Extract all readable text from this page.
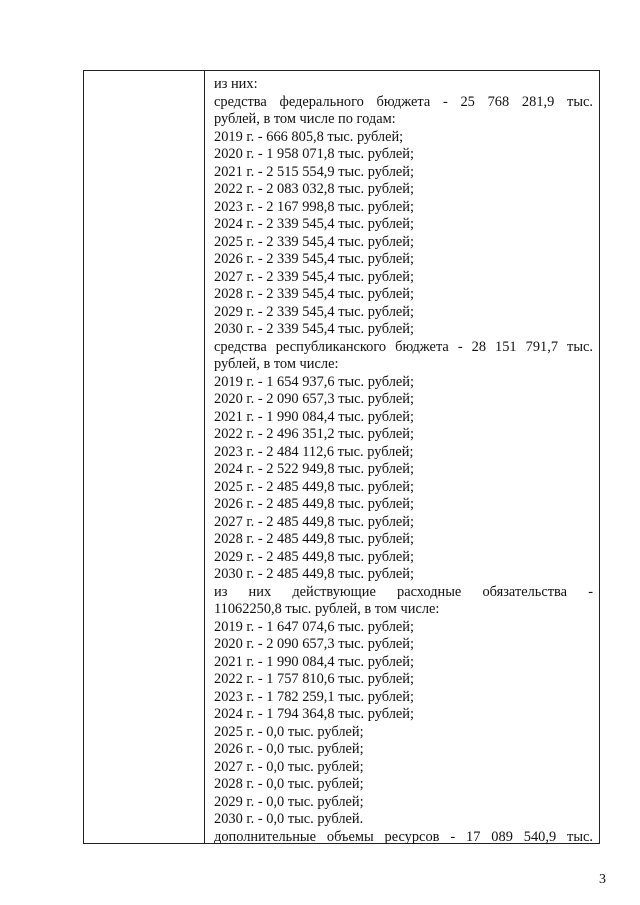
из них:
средства федерального бюджета - 25 768 281,9 тыс.
рублей, в том числе по годам:
2019 г. - 666 805,8 тыс. рублей;
2020 г. - 1 958 071,8 тыс. рублей;
2021 г. - 2 515 554,9 тыс. рублей;
2022 г. - 2 083 032,8 тыс. рублей;
2023 г. - 2 167 998,8 тыс. рублей;
2024 г. - 2 339 545,4 тыс. рублей;
2025 г. - 2 339 545,4 тыс. рублей;
2026 г. - 2 339 545,4 тыс. рублей;
2027 г. - 2 339 545,4 тыс. рублей;
2028 г. - 2 339 545,4 тыс. рублей;
2029 г. - 2 339 545,4 тыс. рублей;
2030 г. - 2 339 545,4 тыс. рублей;
средства республиканского бюджета - 28 151 791,7 тыс.
рублей, в том числе:
2019 г. - 1 654 937,6 тыс. рублей;
2020 г. - 2 090 657,3 тыс. рублей;
2021 г. - 1 990 084,4 тыс. рублей;
2022 г. - 2 496 351,2 тыс. рублей;
2023 г. - 2 484 112,6 тыс. рублей;
2024 г. - 2 522 949,8 тыс. рублей;
2025 г. - 2 485 449,8 тыс. рублей;
2026 г. - 2 485 449,8 тыс. рублей;
2027 г. - 2 485 449,8 тыс. рублей;
2028 г. - 2 485 449,8 тыс. рублей;
2029 г. - 2 485 449,8 тыс. рублей;
2030 г. - 2 485 449,8 тыс. рублей;
из них действующие расходные обязательства -
11062250,8 тыс. рублей, в том числе:
2019 г. - 1 647 074,6 тыс. рублей;
2020 г. - 2 090 657,3 тыс. рублей;
2021 г. - 1 990 084,4 тыс. рублей;
2022 г. - 1 757 810,6 тыс. рублей;
2023 г. - 1 782 259,1 тыс. рублей;
2024 г. - 1 794 364,8 тыс. рублей;
2025 г. - 0,0 тыс. рублей;
2026 г. - 0,0 тыс. рублей;
2027 г. - 0,0 тыс. рублей;
2028 г. - 0,0 тыс. рублей;
2029 г. - 0,0 тыс. рублей;
2030 г. - 0,0 тыс. рублей.
дополнительные объемы ресурсов - 17 089 540,9 тыс.
3
